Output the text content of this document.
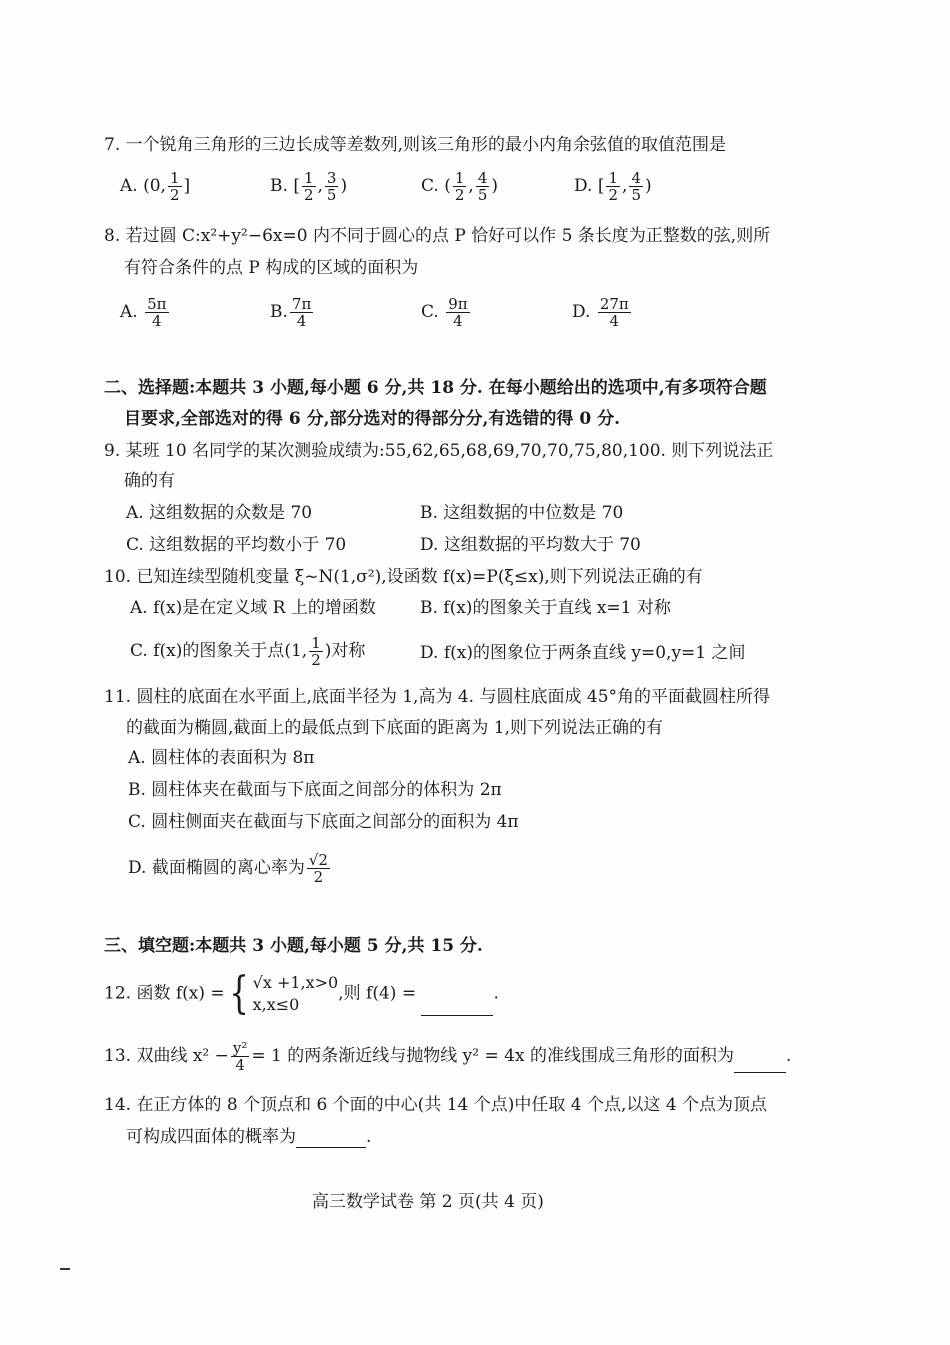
7. 一个锐角三角形的三边长成等差数列,则该三角形的最小内角余弦值的取值范围是
A. (0, $\frac{1}{2}$ ]	B. [ $\frac{1}{2}$ , $\frac{3}{5}$ )	C. ( $\frac{1}{2}$ , $\frac{4}{5}$ )	D. [ $\frac{1}{2}$ , $\frac{4}{5}$ )
8. 若过圆 C:x²+y²−6x=0 内不同于圆心的点 P 恰好可以作 5 条长度为正整数的弦,则所
有符合条件的点 P 构成的区域的面积为
A. $\frac{5\pi}{4}$	B. $\frac{7\pi}{4}$	C. $\frac{9\pi}{4}$	D. $\frac{27\pi}{4}$
二、选择题:本题共 3 小题,每小题 6 分,共 18 分. 在每小题给出的选项中,有多项符合题
目要求,全部选对的得 6 分,部分选对的得部分分,有选错的得 0 分.
9. 某班 10 名同学的某次测验成绩为:55,62,65,68,69,70,70,75,80,100. 则下列说法正
确的有
A. 这组数据的众数是 70	B. 这组数据的中位数是 70
C. 这组数据的平均数小于 70	D. 这组数据的平均数大于 70
10. 已知连续型随机变量 ξ~N(1,σ²),设函数 f(x)=P(ξ≤x),则下列说法正确的有
A. f(x)是在定义域 R 上的增函数	B. f(x)的图象关于直线 x=1 对称
C. f(x)的图象关于点(1, $\frac{1}{2}$ )对称	D. f(x)的图象位于两条直线 y=0,y=1 之间
11. 圆柱的底面在水平面上,底面半径为 1,高为 4. 与圆柱底面成 45°角的平面截圆柱所得
的截面为椭圆,截面上的最低点到下底面的距离为 1,则下列说法正确的有
A. 圆柱体的表面积为 8π
B. 圆柱体夹在截面与下底面之间部分的体积为 2π
C. 圆柱侧面夹在截面与下底面之间部分的面积为 4π
D. 截面椭圆的离心率为 $\frac{√2}{2}$
三、填空题:本题共 3 小题,每小题 5 分,共 15 分.
12. 函数 f(x) ={ √x +1,x>0
x,x≤0
,则 f(4) =	.
13. 双曲线 $x^2 - \frac{\text{y²}}{4} = 1$ 的两条渐近线与抛物线 y² = 4x 的准线围成三角形的面积为	.
14. 在正方体的 8 个顶点和 6 个面的中心(共 14 个点)中任取 4 个点,以这 4 个点为顶点
可构成四面体的概率为	.
高三数学试卷 第 2 页(共 4 页)
